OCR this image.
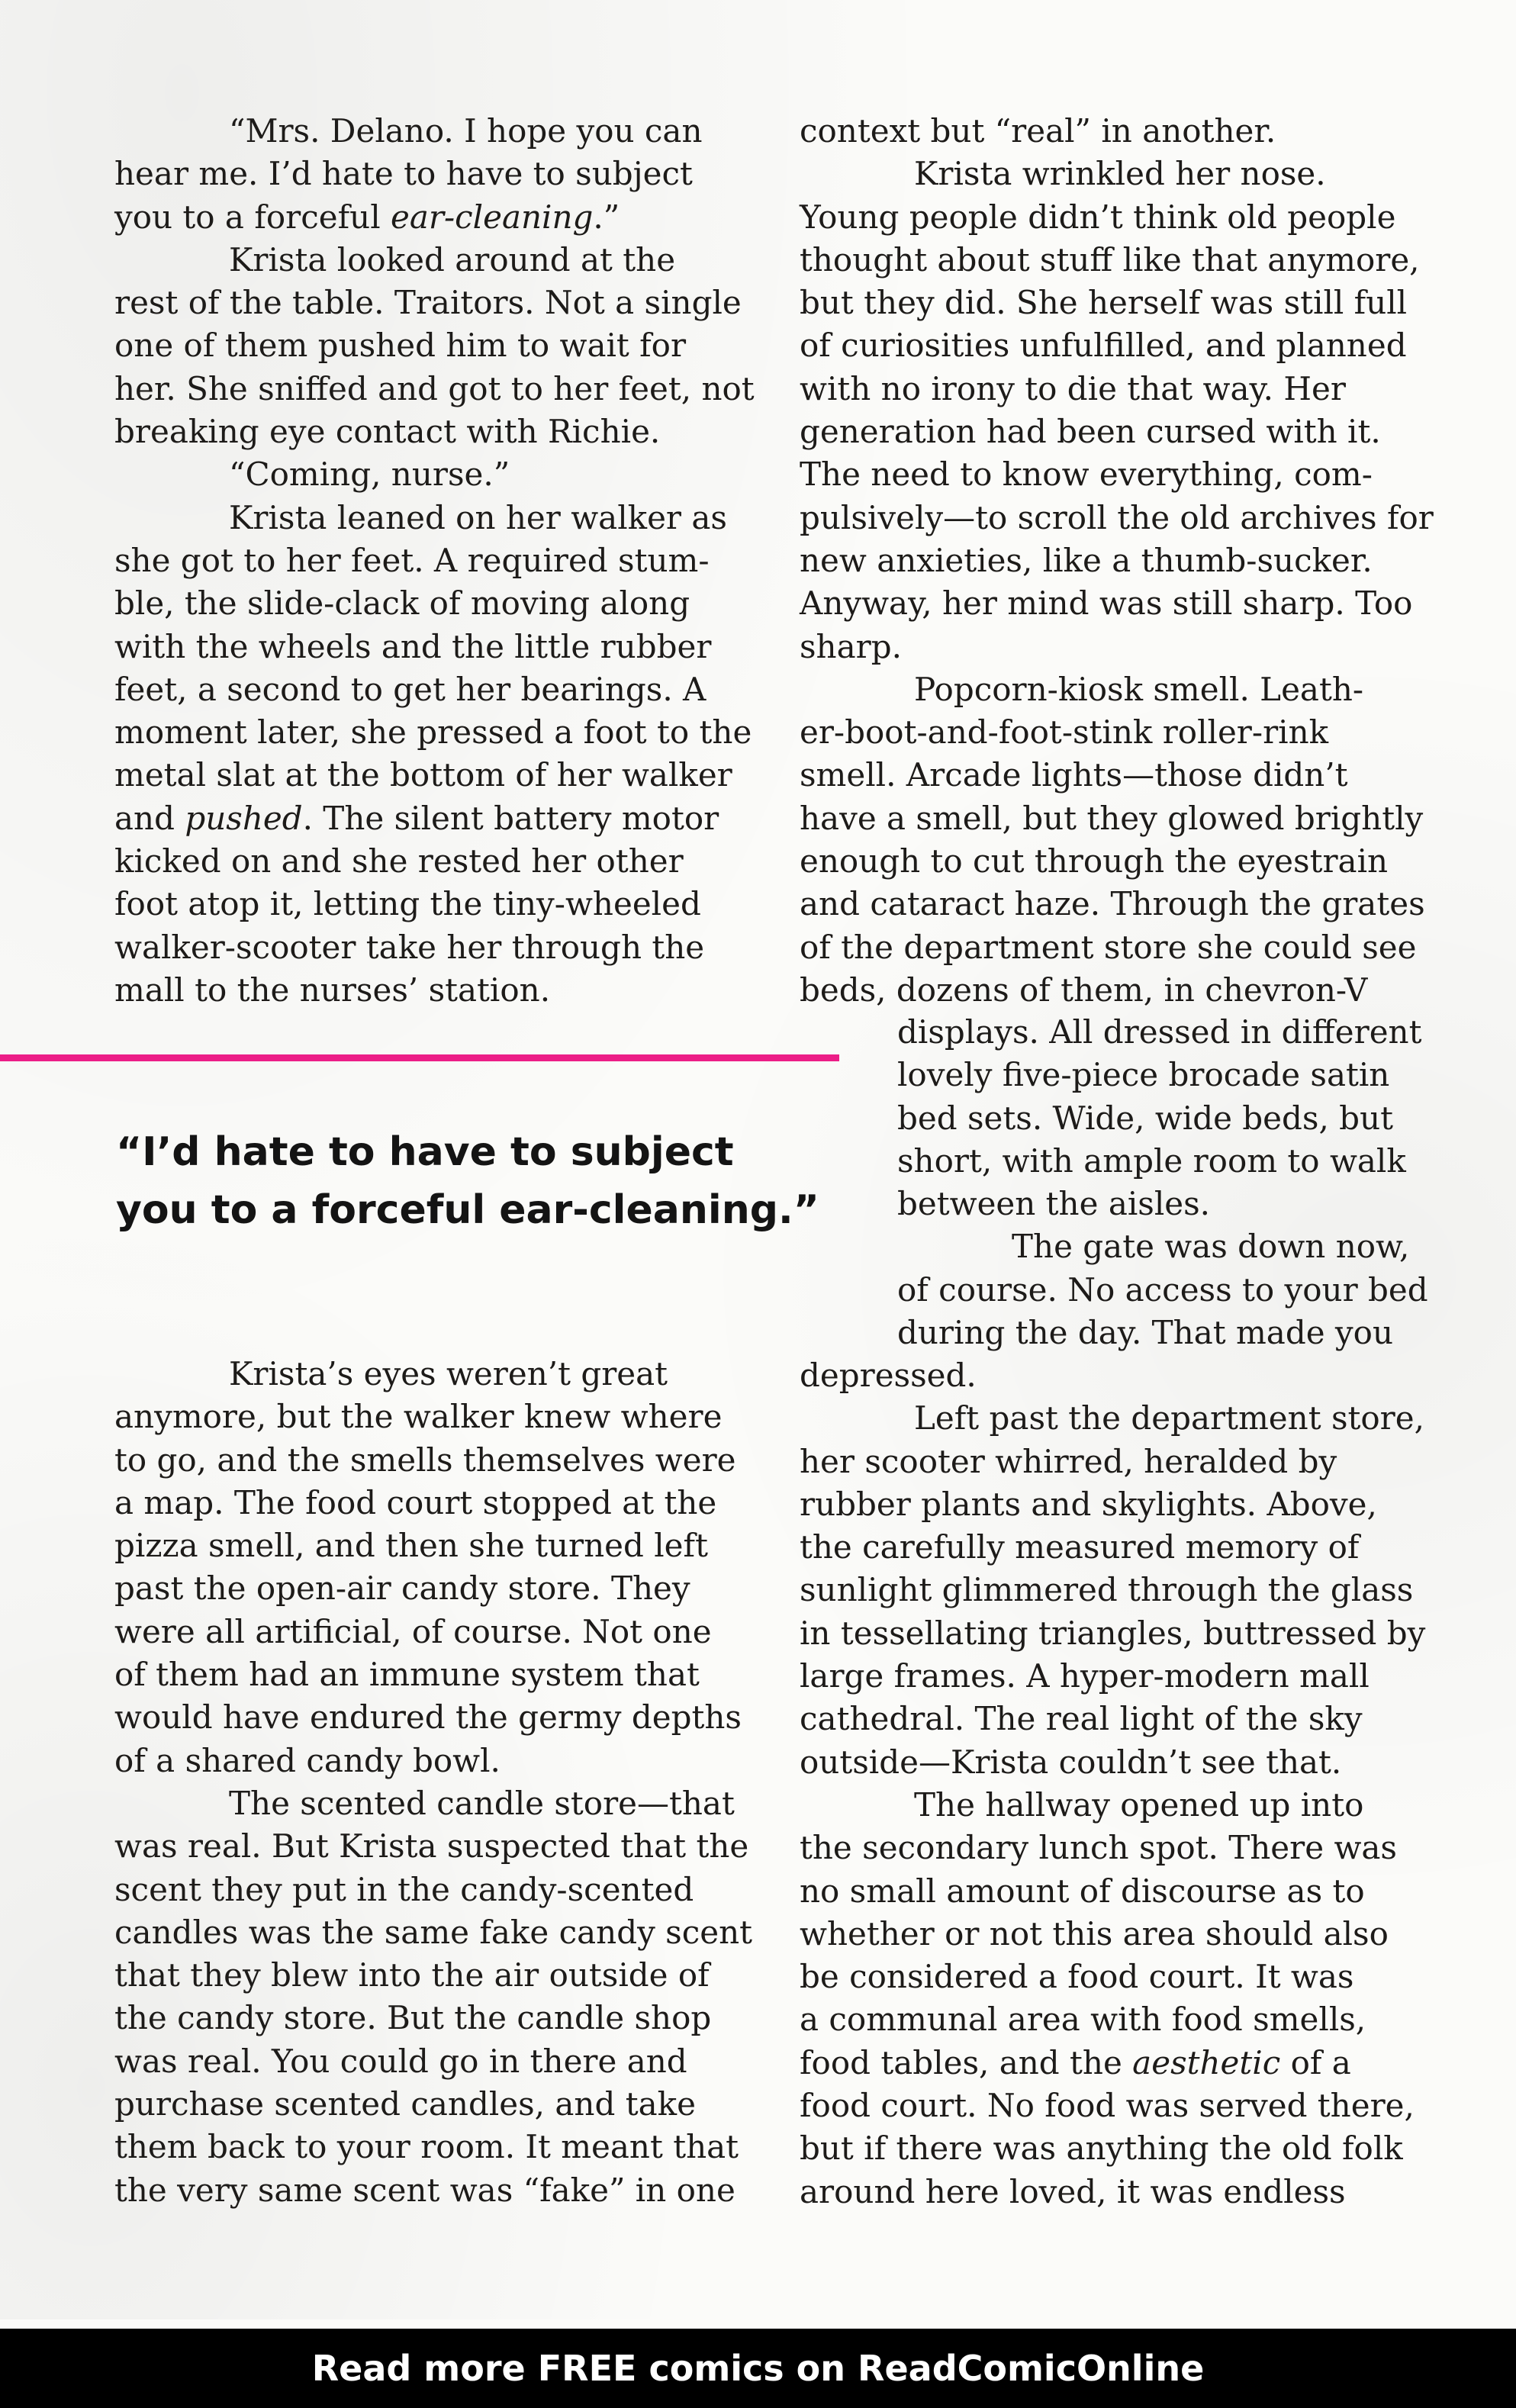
“Mrs. Delano. I hope you can
hear me. I’d hate to have to subject
you to a forceful ear-cleaning.”
Krista looked around at the
rest of the table. Traitors. Not a single
one of them pushed him to wait for
her. She sniffed and got to her feet, not
breaking eye contact with Richie.
“Coming, nurse.”
Krista leaned on her walker as
she got to her feet. A required stum-
ble, the slide-clack of moving along
with the wheels and the little rubber
feet, a second to get her bearings. A
moment later, she pressed a foot to the
metal slat at the bottom of her walker
and pushed. The silent battery motor
kicked on and she rested her other
foot atop it, letting the tiny-wheeled
walker-scooter take her through the
mall to the nurses’ station.
“I’d hate to have to subject
you to a forceful ear-cleaning.”
Krista’s eyes weren’t great
anymore, but the walker knew where
to go, and the smells themselves were
a map. The food court stopped at the
pizza smell, and then she turned left
past the open-air candy store. They
were all artificial, of course. Not one
of them had an immune system that
would have endured the germy depths
of a shared candy bowl.
The scented candle store—that
was real. But Krista suspected that the
scent they put in the candy-scented
candles was the same fake candy scent
that they blew into the air outside of
the candy store. But the candle shop
was real. You could go in there and
purchase scented candles, and take
them back to your room. It meant that
the very same scent was “fake” in one
context but “real” in another.
Krista wrinkled her nose.
Young people didn’t think old people
thought about stuff like that anymore,
but they did. She herself was still full
of curiosities unfulfilled, and planned
with no irony to die that way. Her
generation had been cursed with it.
The need to know everything, com-
pulsively—to scroll the old archives for
new anxieties, like a thumb-sucker.
Anyway, her mind was still sharp. Too
sharp.
Popcorn-kiosk smell. Leath-
er-boot-and-foot-stink roller-rink
smell. Arcade lights—those didn’t
have a smell, but they glowed brightly
enough to cut through the eyestrain
and cataract haze. Through the grates
of the department store she could see
beds, dozens of them, in chevron-V
displays. All dressed in different
lovely five-piece brocade satin
bed sets. Wide, wide beds, but
short, with ample room to walk
between the aisles.
The gate was down now,
of course. No access to your bed
during the day. That made you
depressed.
Left past the department store,
her scooter whirred, heralded by
rubber plants and skylights. Above,
the carefully measured memory of
sunlight glimmered through the glass
in tessellating triangles, buttressed by
large frames. A hyper-modern mall
cathedral. The real light of the sky
outside—Krista couldn’t see that.
The hallway opened up into
the secondary lunch spot. There was
no small amount of discourse as to
whether or not this area should also
be considered a food court. It was
a communal area with food smells,
food tables, and the aesthetic of a
food court. No food was served there,
but if there was anything the old folk
around here loved, it was endless
Read more FREE comics on ReadComicOnline
